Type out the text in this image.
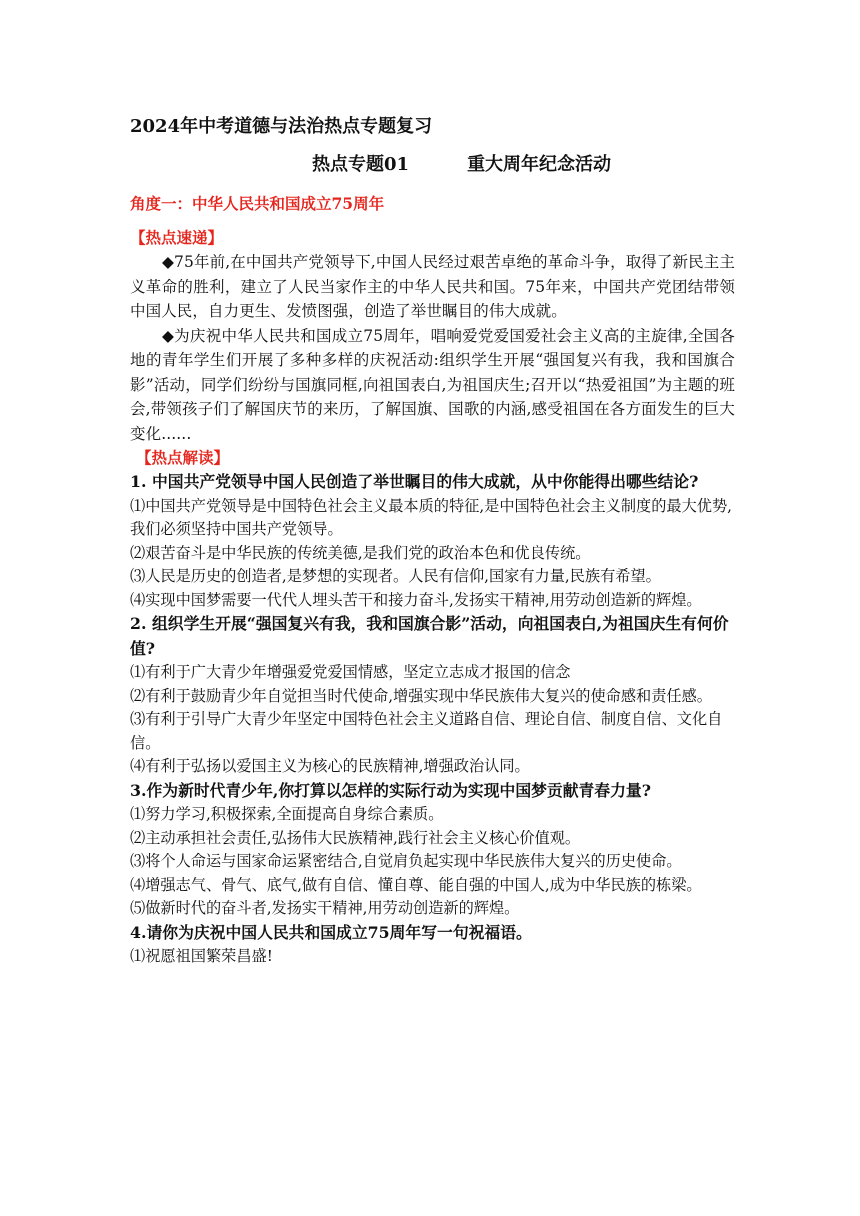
2024年中考道德与法治热点专题复习

热点专题01	重大周年纪念活动

角度一：中华人民共和国成立75周年

【热点速递】

◆75年前,在中国共产党领导下,中国人民经过艰苦卓绝的革命斗争，取得了新民主主义革命的胜利，建立了人民当家作主的中华人民共和国。75年来，中国共产党团结带领中国人民，自力更生、发愤图强，创造了举世瞩目的伟大成就。

◆为庆祝中华人民共和国成立75周年，唱响爱党爱国爱社会主义高的主旋律,全国各地的青年学生们开展了多种多样的庆祝活动:组织学生开展“强国复兴有我，我和国旗合影”活动，同学们纷纷与国旗同框,向祖国表白,为祖国庆生;召开以“热爱祖国”为主题的班会,带领孩子们了解国庆节的来历，了解国旗、国歌的内涵,感受祖国在各方面发生的巨大变化......

【热点解读】

1. 中国共产党领导中国人民创造了举世瞩目的伟大成就，从中你能得出哪些结论?

⑴中国共产党领导是中国特色社会主义最本质的特征,是中国特色社会主义制度的最大优势,我们必须坚持中国共产党领导。

⑵艰苦奋斗是中华民族的传统美德,是我们党的政治本色和优良传统。

⑶人民是历史的创造者,是梦想的实现者。人民有信仰,国家有力量,民族有希望。

⑷实现中国梦需要一代代人埋头苦干和接力奋斗,发扬实干精神,用劳动创造新的辉煌。

2. 组织学生开展“强国复兴有我，我和国旗合影”活动，向祖国表白,为祖国庆生有何价值?

⑴有利于广大青少年增强爱党爱国情感，坚定立志成才报国的信念

⑵有利于鼓励青少年自觉担当时代使命,增强实现中华民族伟大复兴的使命感和责任感。

⑶有利于引导广大青少年坚定中国特色社会主义道路自信、理论自信、制度自信、文化自信。

⑷有利于弘扬以爱国主义为核心的民族精神,增强政治认同。

3.作为新时代青少年,你打算以怎样的实际行动为实现中国梦贡献青春力量?

⑴努力学习,积极探索,全面提高自身综合素质。

⑵主动承担社会责任,弘扬伟大民族精神,践行社会主义核心价值观。

⑶将个人命运与国家命运紧密结合,自觉肩负起实现中华民族伟大复兴的历史使命。

⑷增强志气、骨气、底气,做有自信、懂自尊、能自强的中国人,成为中华民族的栋梁。

⑸做新时代的奋斗者,发扬实干精神,用劳动创造新的辉煌。

4.请你为庆祝中国人民共和国成立75周年写一句祝福语。

⑴祝愿祖国繁荣昌盛!
